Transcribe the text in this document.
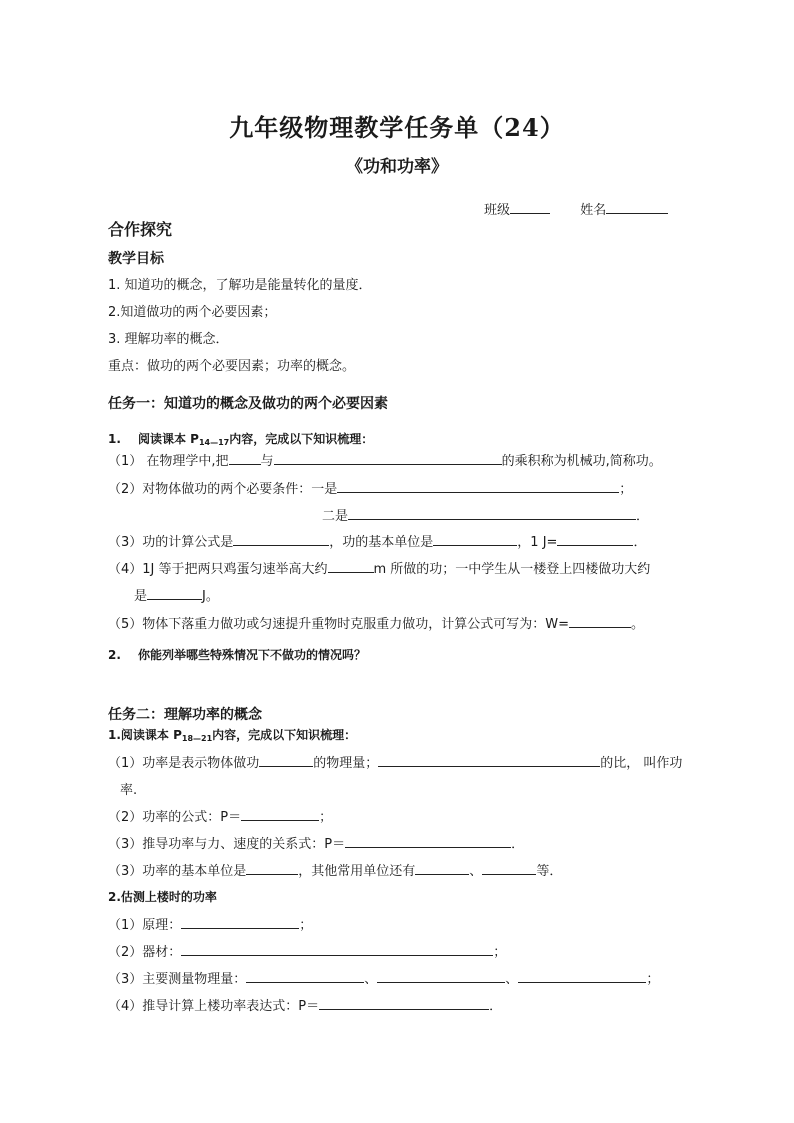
九年级物理教学任务单（24）
《功和功率》
班级	姓名
合作探究
教学目标
1. 知道功的概念，了解功是能量转化的量度．
2.知道做功的两个必要因素；
3. 理解功率的概念．
重点：做功的两个必要因素；功率的概念。
任务一：知道功的概念及做功的两个必要因素
1. 阅读课本 $P_{14—17}$内容，完成以下知识梳理：
（1） 在物理学中,把 与	的乘积称为机械功,简称功。
（2）对物体做功的两个必要条件：一是	；
二是	．
（3）功的计算公式是	，功的基本单位是	，1 J=	．
（4）1J 等于把两只鸡蛋匀速举高大约	m 所做的功；一中学生从一楼登上四楼做功大约
是	J。
（5）物体下落重力做功或匀速提升重物时克服重力做功，计算公式可写为：W=	。
2. 你能列举哪些特殊情况下不做功的情况吗？
任务二：理解功率的概念
1.阅读课本 $P_{18—21}$内容，完成以下知识梳理：
（1）功率是表示物体做功	的物理量；	的比， 叫作功
率.
（2）功率的公式：P＝	；
（3）推导功率与力、速度的关系式：P＝	．
（3）功率的基本单位是	，其他常用单位还有	、	等．
2.估测上楼时的功率
（1）原理：	；
（2）器材：	；
（3）主要测量物理量：	、	、	；
（4）推导计算上楼功率表达式：P＝	．
